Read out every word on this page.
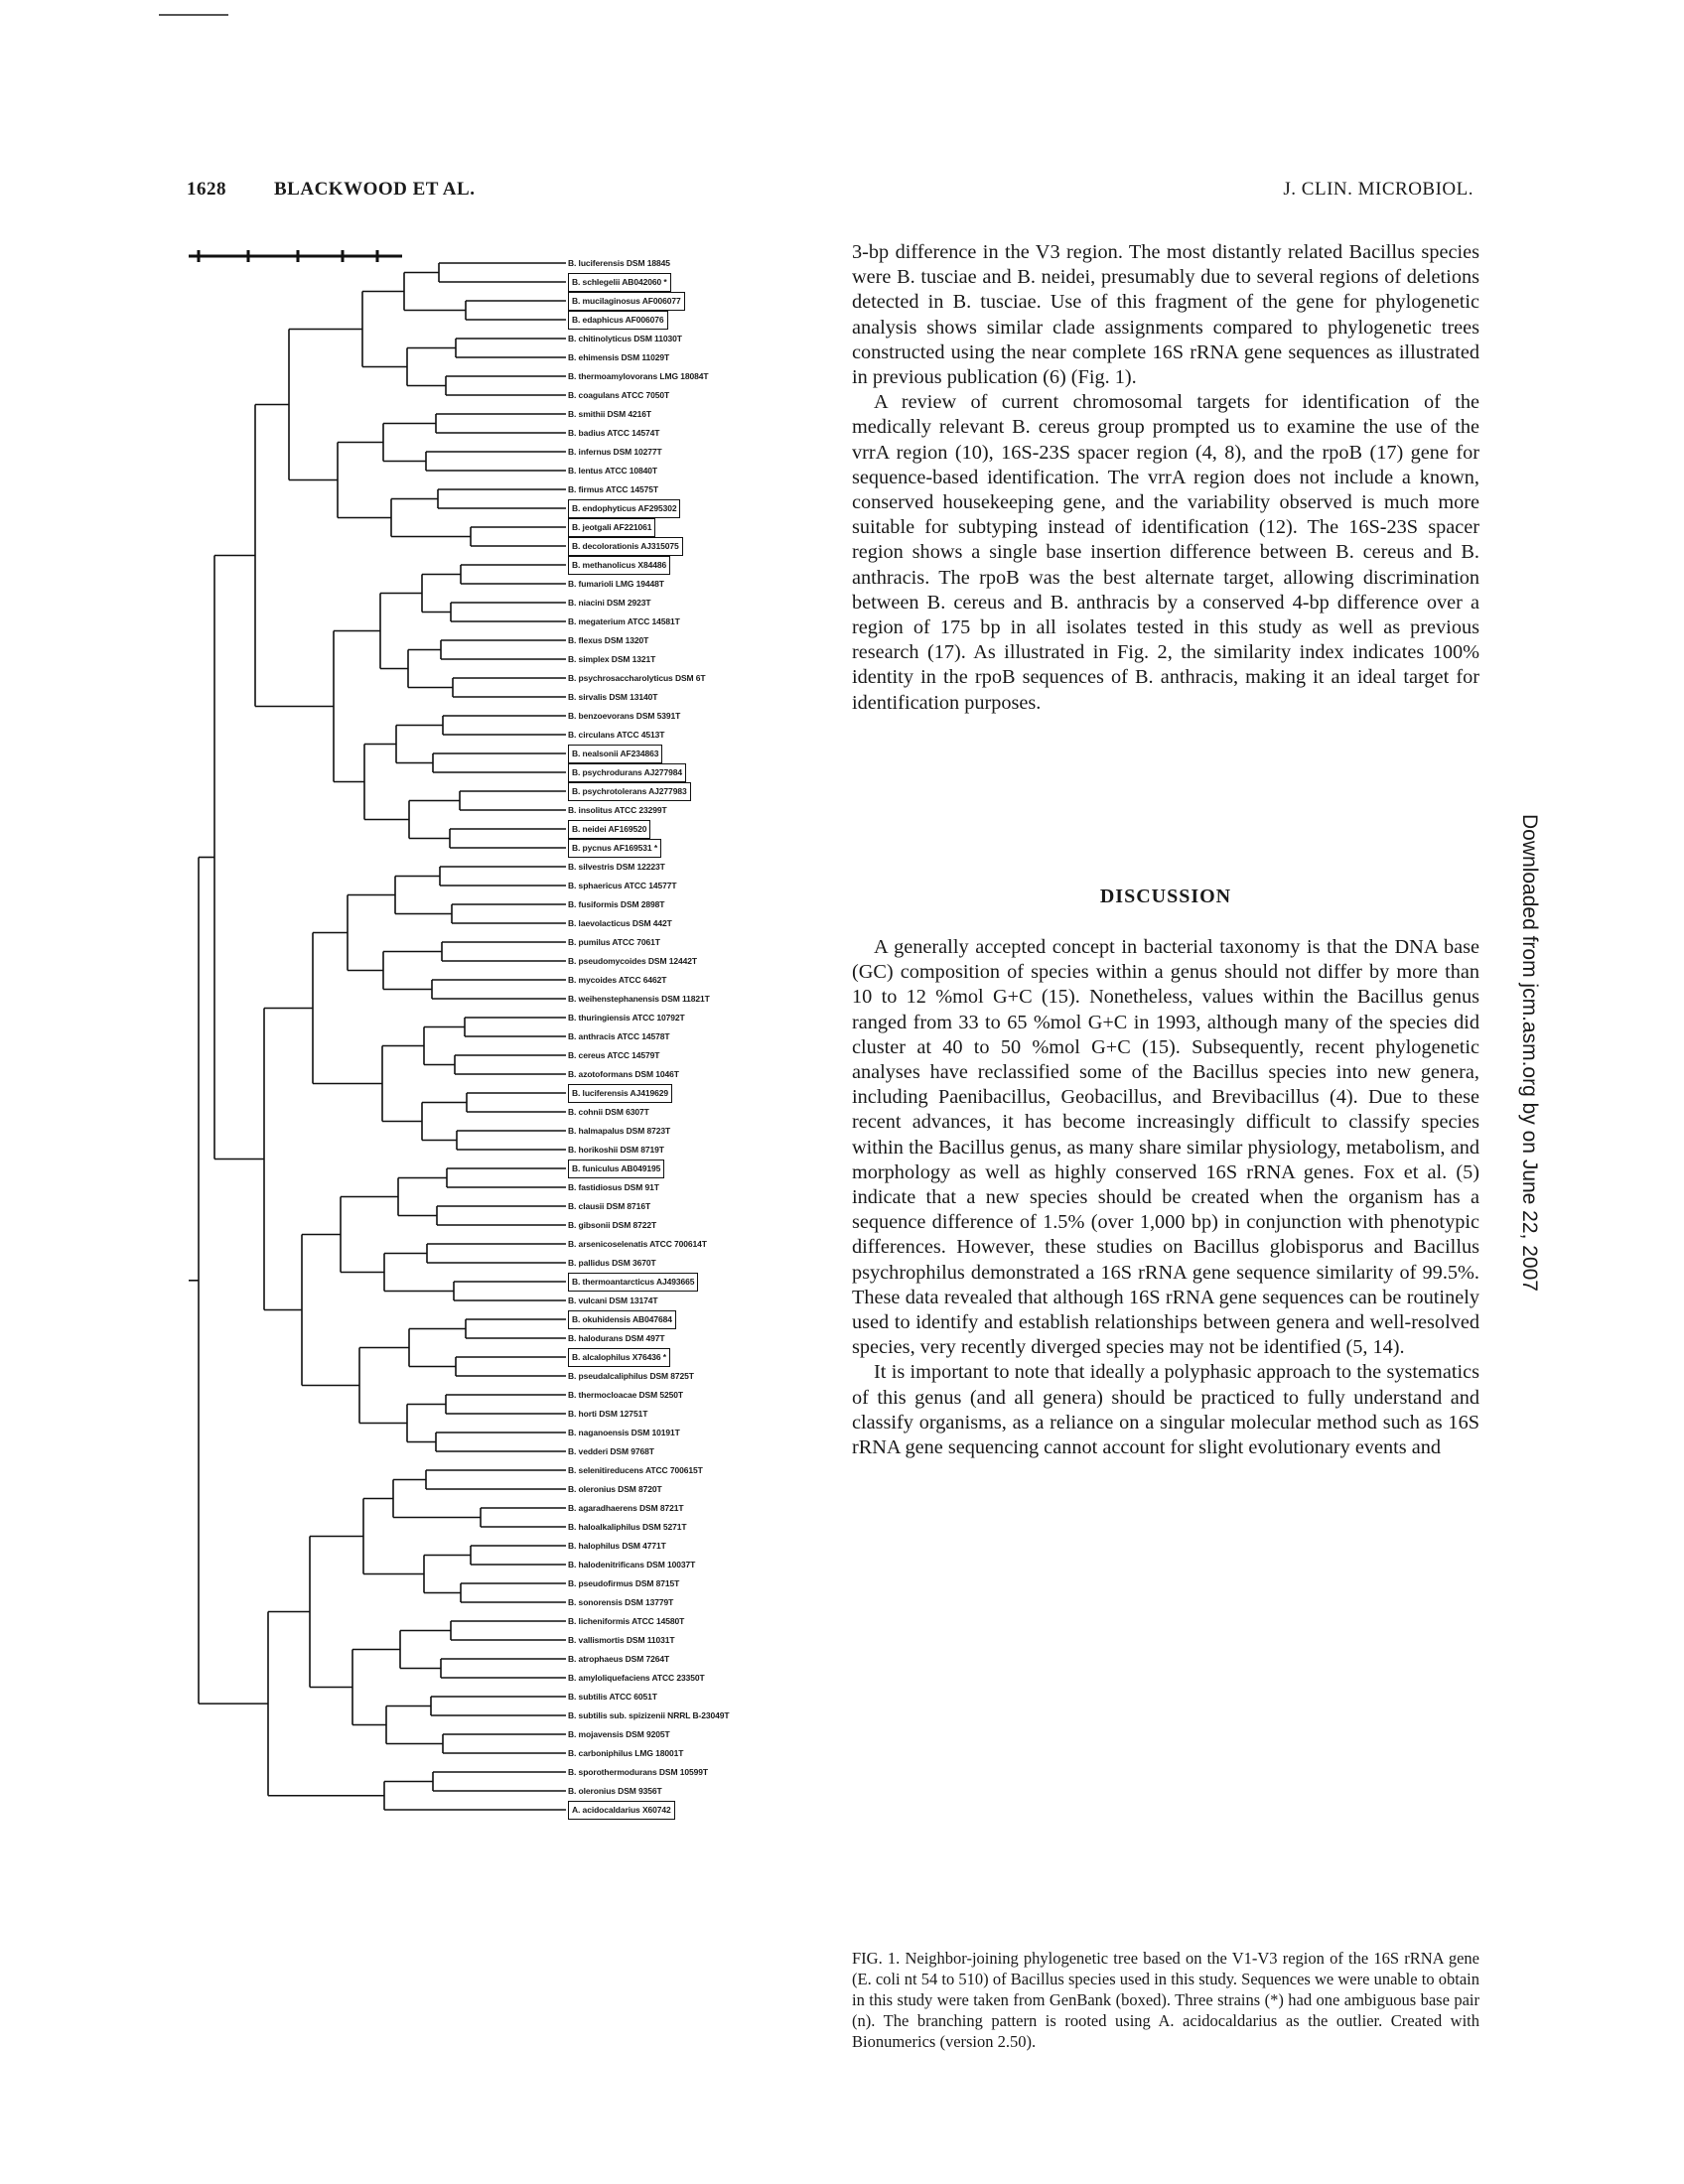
1628	BLACKWOOD ET AL.	J. CLIN. MICROBIOL.
B. luciferensis DSM 18845
B. schlegelii AB042060 *
B. mucilaginosus AF006077
B. edaphicus AF006076
B. chitinolyticus DSM 11030T
B. ehimensis DSM 11029T
B. thermoamylovorans LMG 18084T
B. coagulans ATCC 7050T
B. smithii DSM 4216T
B. badius ATCC 14574T
B. infernus DSM 10277T
B. lentus ATCC 10840T
B. firmus ATCC 14575T
B. endophyticus AF295302
B. jeotgali AF221061
B. decolorationis AJ315075
B. methanolicus X84486
B. fumarioli LMG 19448T
B. niacini DSM 2923T
B. megaterium ATCC 14581T
B. flexus DSM 1320T
B. simplex DSM 1321T
B. psychrosaccharolyticus DSM 6T
B. sirvalis DSM 13140T
B. benzoevorans DSM 5391T
B. circulans ATCC 4513T
B. nealsonii AF234863
B. psychrodurans AJ277984
B. psychrotolerans AJ277983
B. insolitus ATCC 23299T
B. neidei AF169520
B. pycnus AF169531 *
B. silvestris DSM 12223T
B. sphaericus ATCC 14577T
B. fusiformis DSM 2898T
B. laevolacticus DSM 442T
B. pumilus ATCC 7061T
B. pseudomycoides DSM 12442T
B. mycoides ATCC 6462T
B. weihenstephanensis DSM 11821T
B. thuringiensis ATCC 10792T
B. anthracis ATCC 14578T
B. cereus ATCC 14579T
B. azotoformans DSM 1046T
B. luciferensis AJ419629
B. cohnii DSM 6307T
B. halmapalus DSM 8723T
B. horikoshii DSM 8719T
B. funiculus AB049195
B. fastidiosus DSM 91T
B. clausii DSM 8716T
B. gibsonii DSM 8722T
B. arsenicoselenatis ATCC 700614T
B. pallidus DSM 3670T
B. thermoantarcticus AJ493665
B. vulcani DSM 13174T
B. okuhidensis AB047684
B. halodurans DSM 497T
B. alcalophilus X76436 *
B. pseudalcaliphilus DSM 8725T
B. thermocloacae DSM 5250T
B. horti DSM 12751T
B. naganoensis DSM 10191T
B. vedderi DSM 9768T
B. selenitireducens ATCC 700615T
B. oleronius DSM 8720T
B. agaradhaerens DSM 8721T
B. haloalkaliphilus DSM 5271T
B. halophilus DSM 4771T
B. halodenitrificans DSM 10037T
B. pseudofirmus DSM 8715T
B. sonorensis DSM 13779T
B. licheniformis ATCC 14580T
B. vallismortis DSM 11031T
B. atrophaeus DSM 7264T
B. amyloliquefaciens ATCC 23350T
B. subtilis ATCC 6051T
B. subtilis sub. spizizenii NRRL B-23049T
B. mojavensis DSM 9205T
B. carboniphilus LMG 18001T
B. sporothermodurans DSM 10599T
B. oleronius DSM 9356T
A. acidocaldarius X60742

3-bp difference in the V3 region. The most distantly related Bacillus species were B. tusciae and B. neidei, presumably due to several regions of deletions detected in B. tusciae. Use of this fragment of the gene for phylogenetic analysis shows similar clade assignments compared to phylogenetic trees constructed using the near complete 16S rRNA gene sequences as illustrated in previous publication (6) (Fig. 1).

A review of current chromosomal targets for identification of the medically relevant B. cereus group prompted us to examine the use of the vrrA region (10), 16S-23S spacer region (4, 8), and the rpoB (17) gene for sequence-based identification. The vrrA region does not include a known, conserved housekeeping gene, and the variability observed is much more suitable for subtyping instead of identification (12). The 16S-23S spacer region shows a single base insertion difference between B. cereus and B. anthracis. The rpoB was the best alternate target, allowing discrimination between B. cereus and B. anthracis by a conserved 4-bp difference over a region of 175 bp in all isolates tested in this study as well as previous research (17). As illustrated in Fig. 2, the similarity index indicates 100% identity in the rpoB sequences of B. anthracis, making it an ideal target for identification purposes.

DISCUSSION

A generally accepted concept in bacterial taxonomy is that the DNA base (GC) composition of species within a genus should not differ by more than 10 to 12 %mol G+C (15). Nonetheless, values within the Bacillus genus ranged from 33 to 65 %mol G+C in 1993, although many of the species did cluster at 40 to 50 %mol G+C (15). Subsequently, recent phylogenetic analyses have reclassified some of the Bacillus species into new genera, including Paenibacillus, Geobacillus, and Brevibacillus (4). Due to these recent advances, it has become increasingly difficult to classify species within the Bacillus genus, as many share similar physiology, metabolism, and morphology as well as highly conserved 16S rRNA genes. Fox et al. (5) indicate that a new species should be created when the organism has a sequence difference of 1.5% (over 1,000 bp) in conjunction with phenotypic differences. However, these studies on Bacillus globisporus and Bacillus psychrophilus demonstrated a 16S rRNA gene sequence similarity of 99.5%. These data revealed that although 16S rRNA gene sequences can be routinely used to identify and establish relationships between genera and well-resolved species, very recently diverged species may not be identified (5, 14).

It is important to note that ideally a polyphasic approach to the systematics of this genus (and all genera) should be practiced to fully understand and classify organisms, as a reliance on a singular molecular method such as 16S rRNA gene sequencing cannot account for slight evolutionary events and

FIG. 1. Neighbor-joining phylogenetic tree based on the V1-V3 region of the 16S rRNA gene (E. coli nt 54 to 510) of Bacillus species used in this study. Sequences we were unable to obtain in this study were taken from GenBank (boxed). Three strains (*) had one ambiguous base pair (n). The branching pattern is rooted using A. acidocaldarius as the outlier. Created with Bionumerics (version 2.50).
Downloaded from jcm.asm.org by on June 22, 2007
